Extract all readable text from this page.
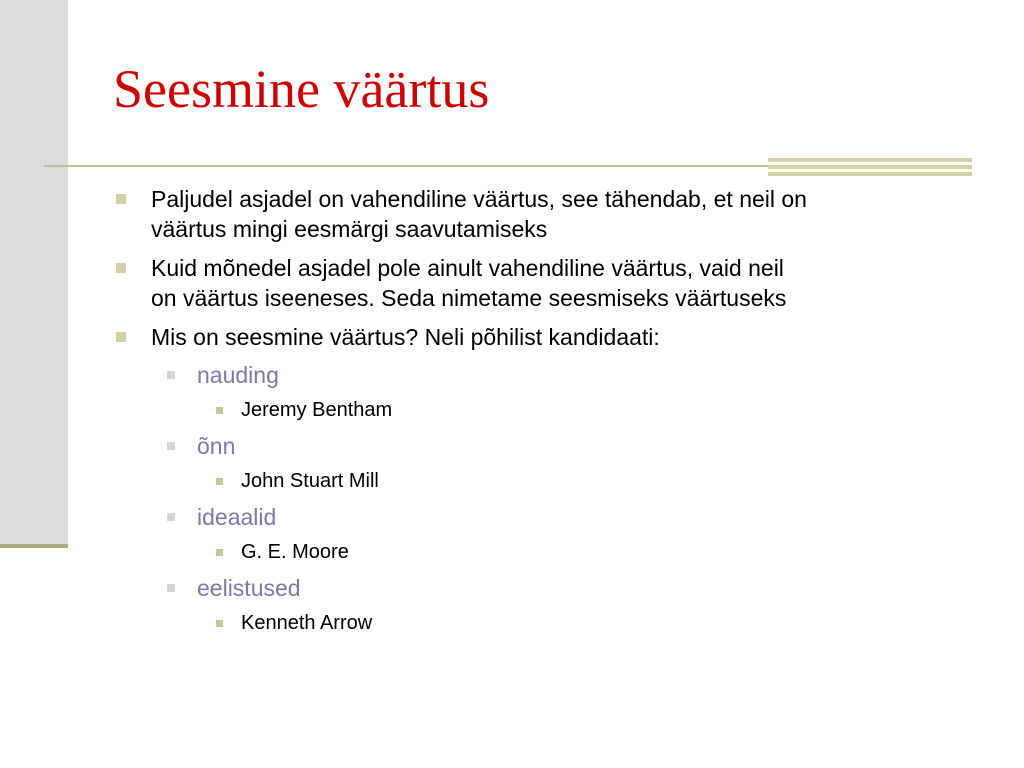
Seesmine väärtus
Paljudel asjadel on vahendiline väärtus, see tähendab, et neil on
väärtus mingi eesmärgi saavutamiseks
Kuid mõnedel asjadel pole ainult vahendiline väärtus, vaid neil
on väärtus iseeneses. Seda nimetame seesmiseks väärtuseks
Mis on seesmine väärtus? Neli põhilist kandidaati:
nauding
Jeremy Bentham
õnn
John Stuart Mill
ideaalid
G. E. Moore
eelistused
Kenneth Arrow
